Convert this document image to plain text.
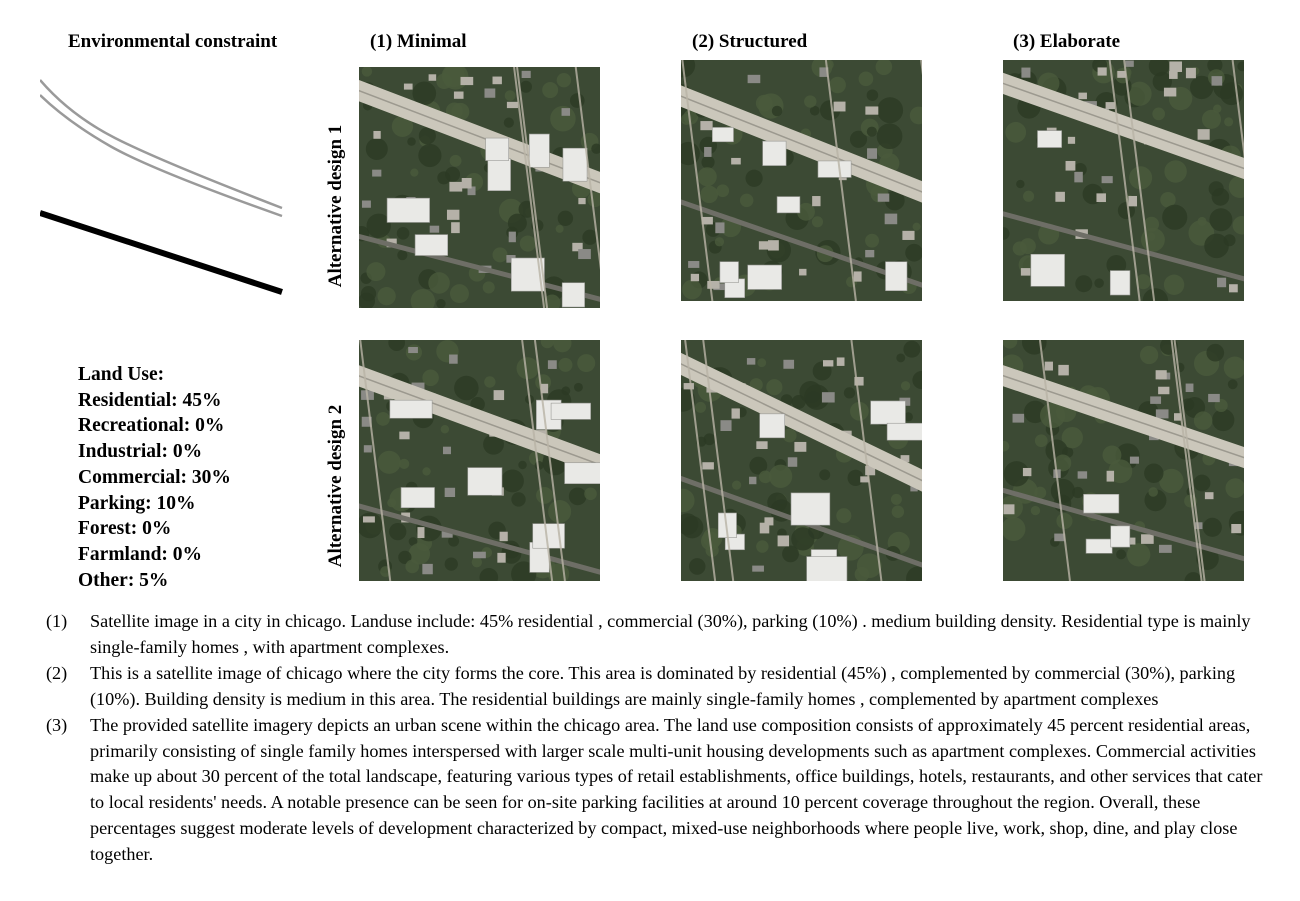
Environmental constraint	(1) Minimal	(2) Structured	(3) Elaborate
Land Use:
Residential: 45%
Recreational: 0%
Industrial: 0%
Commercial: 30%
Parking: 10%
Forest: 0%
Farmland: 0%
Other: 5%
Alternative design 1
Alternative design 2
(1)	Satellite image in a city in chicago. Landuse include: 45% residential , commercial (30%), parking (10%) . medium building density. Residential type is mainly single-family homes , with apartment complexes.
(2)	This is a satellite image of chicago where the city forms the core. This area is dominated by residential (45%) , complemented by commercial (30%), parking (10%). Building density is medium in this area. The residential buildings are mainly single-family homes , complemented by apartment complexes
(3)	The provided satellite imagery depicts an urban scene within the chicago area. The land use composition consists of approximately 45 percent residential areas, primarily consisting of single family homes interspersed with larger scale multi-unit housing developments such as apartment complexes. Commercial activities make up about 30 percent of the total landscape, featuring various types of retail establishments, office buildings, hotels, restaurants, and other services that cater to local residents' needs. A notable presence can be seen for on-site parking facilities at around 10 percent coverage throughout the region. Overall, these percentages suggest moderate levels of development characterized by compact, mixed-use neighborhoods where people live, work, shop, dine, and play close together.
